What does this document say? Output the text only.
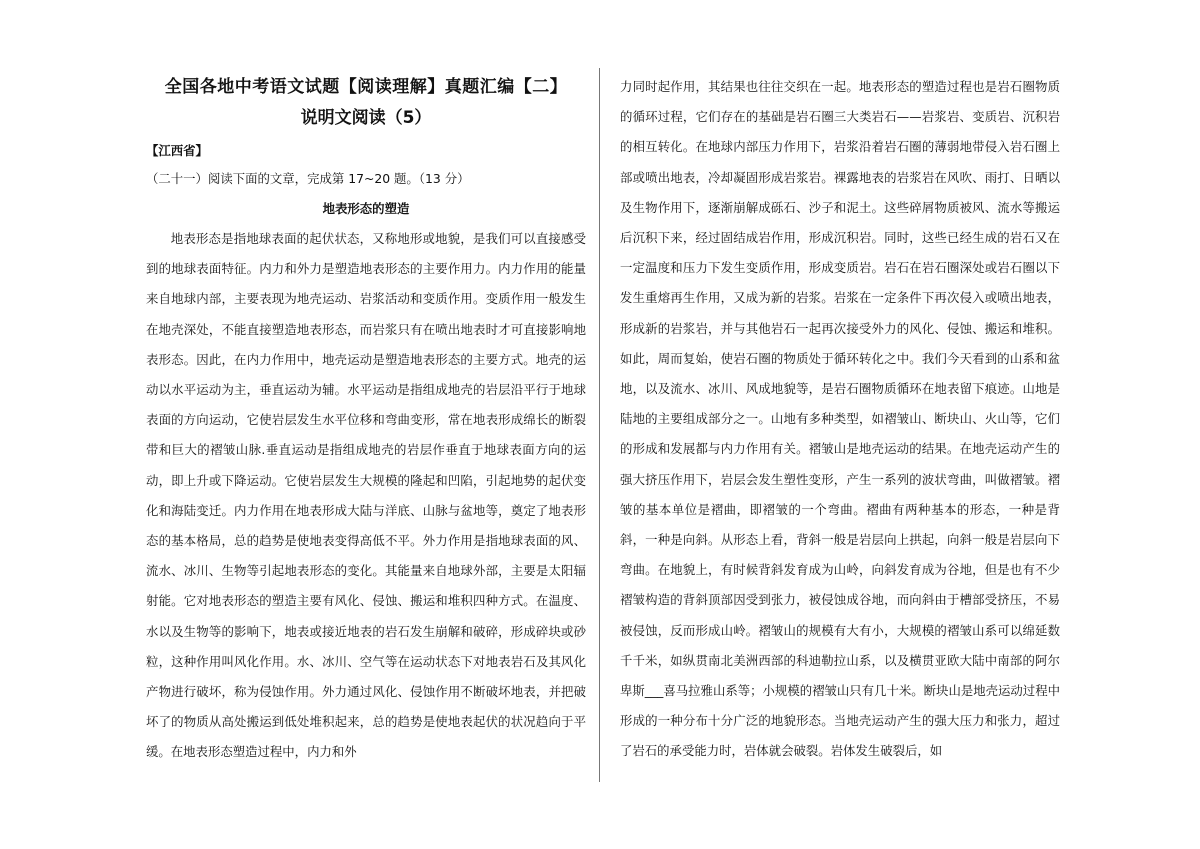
全国各地中考语文试题【阅读理解】真题汇编【二】
说明文阅读（5）
【江西省】
（二十一）阅读下面的文章，完成第 17~20 题。（13 分）
地表形态的塑造

地表形态是指地球表面的起伏状态，又称地形或地貌，是我们可以直接感受到的地球表面特征。内力和外力是塑造地表形态的主要作用力。内力作用的能量来自地球内部，主要表现为地壳运动、岩浆活动和变质作用。变质作用一般发生在地壳深处，不能直接塑造地表形态，而岩浆只有在喷出地表时才可直接影响地表形态。因此，在内力作用中，地壳运动是塑造地表形态的主要方式。地壳的运动以水平运动为主，垂直运动为辅。水平运动是指组成地壳的岩层沿平行于地球表面的方向运动，它使岩层发生水平位移和弯曲变形，常在地表形成绵长的断裂带和巨大的褶皱山脉.垂直运动是指组成地壳的岩层作垂直于地球表面方向的运动，即上升或下降运动。它使岩层发生大规模的隆起和凹陷，引起地势的起伏变化和海陆变迁。内力作用在地表形成大陆与洋底、山脉与盆地等，奠定了地表形态的基本格局，总的趋势是使地表变得高低不平。外力作用是指地球表面的风、流水、冰川、生物等引起地表形态的变化。其能量来自地球外部，主要是太阳辐射能。它对地表形态的塑造主要有风化、侵蚀、搬运和堆积四种方式。在温度、水以及生物等的影响下，地表或接近地表的岩石发生崩解和破碎，形成碎块或砂粒，这种作用叫风化作用。水、冰川、空气等在运动状态下对地表岩石及其风化产物进行破坏，称为侵蚀作用。外力通过风化、侵蚀作用不断破坏地表，并把破坏了的物质从高处搬运到低处堆积起来，总的趋势是使地表起伏的状况趋向于平缓。在地表形态塑造过程中，内力和外

力同时起作用，其结果也往往交织在一起。地表形态的塑造过程也是岩石圈物质的循环过程，它们存在的基础是岩石圈三大类岩石——岩浆岩、变质岩、沉积岩的相互转化。在地球内部压力作用下，岩浆沿着岩石圈的薄弱地带侵入岩石圈上部或喷出地表，冷却凝固形成岩浆岩。裸露地表的岩浆岩在风吹、雨打、日晒以及生物作用下，逐渐崩解成砾石、沙子和泥土。这些碎屑物质被风、流水等搬运后沉积下来，经过固结成岩作用，形成沉积岩。同时，这些已经生成的岩石又在一定温度和压力下发生变质作用，形成变质岩。岩石在岩石圈深处或岩石圈以下发生重熔再生作用，又成为新的岩浆。岩浆在一定条件下再次侵入或喷出地表，形成新的岩浆岩，并与其他岩石一起再次接受外力的风化、侵蚀、搬运和堆积。如此，周而复始，使岩石圈的物质处于循环转化之中。我们今天看到的山系和盆地，以及流水、冰川、风成地貌等，是岩石圈物质循环在地表留下痕迹。山地是陆地的主要组成部分之一。山地有多种类型，如褶皱山、断块山、火山等，它们的形成和发展都与内力作用有关。褶皱山是地壳运动的结果。在地壳运动产生的强大挤压作用下，岩层会发生塑性变形，产生一系列的波状弯曲，叫做褶皱。褶皱的基本单位是褶曲，即褶皱的一个弯曲。褶曲有两种基本的形态，一种是背斜，一种是向斜。从形态上看，背斜一般是岩层向上拱起，向斜一般是岩层向下弯曲。在地貌上，有时候背斜发育成为山岭，向斜发育成为谷地，但是也有不少褶皱构造的背斜顶部因受到张力，被侵蚀成谷地，而向斜由于槽部受挤压，不易被侵蚀，反而形成山岭。褶皱山的规模有大有小，大规模的褶皱山系可以绵延数千千米，如纵贯南北美洲西部的科迪勒拉山系，以及横贯亚欧大陆中南部的阿尔卑斯___喜马拉雅山系等；小规模的褶皱山只有几十米。断块山是地壳运动过程中形成的一种分布十分广泛的地貌形态。当地壳运动产生的强大压力和张力，超过了岩石的承受能力时，岩体就会破裂。岩体发生破裂后，如
